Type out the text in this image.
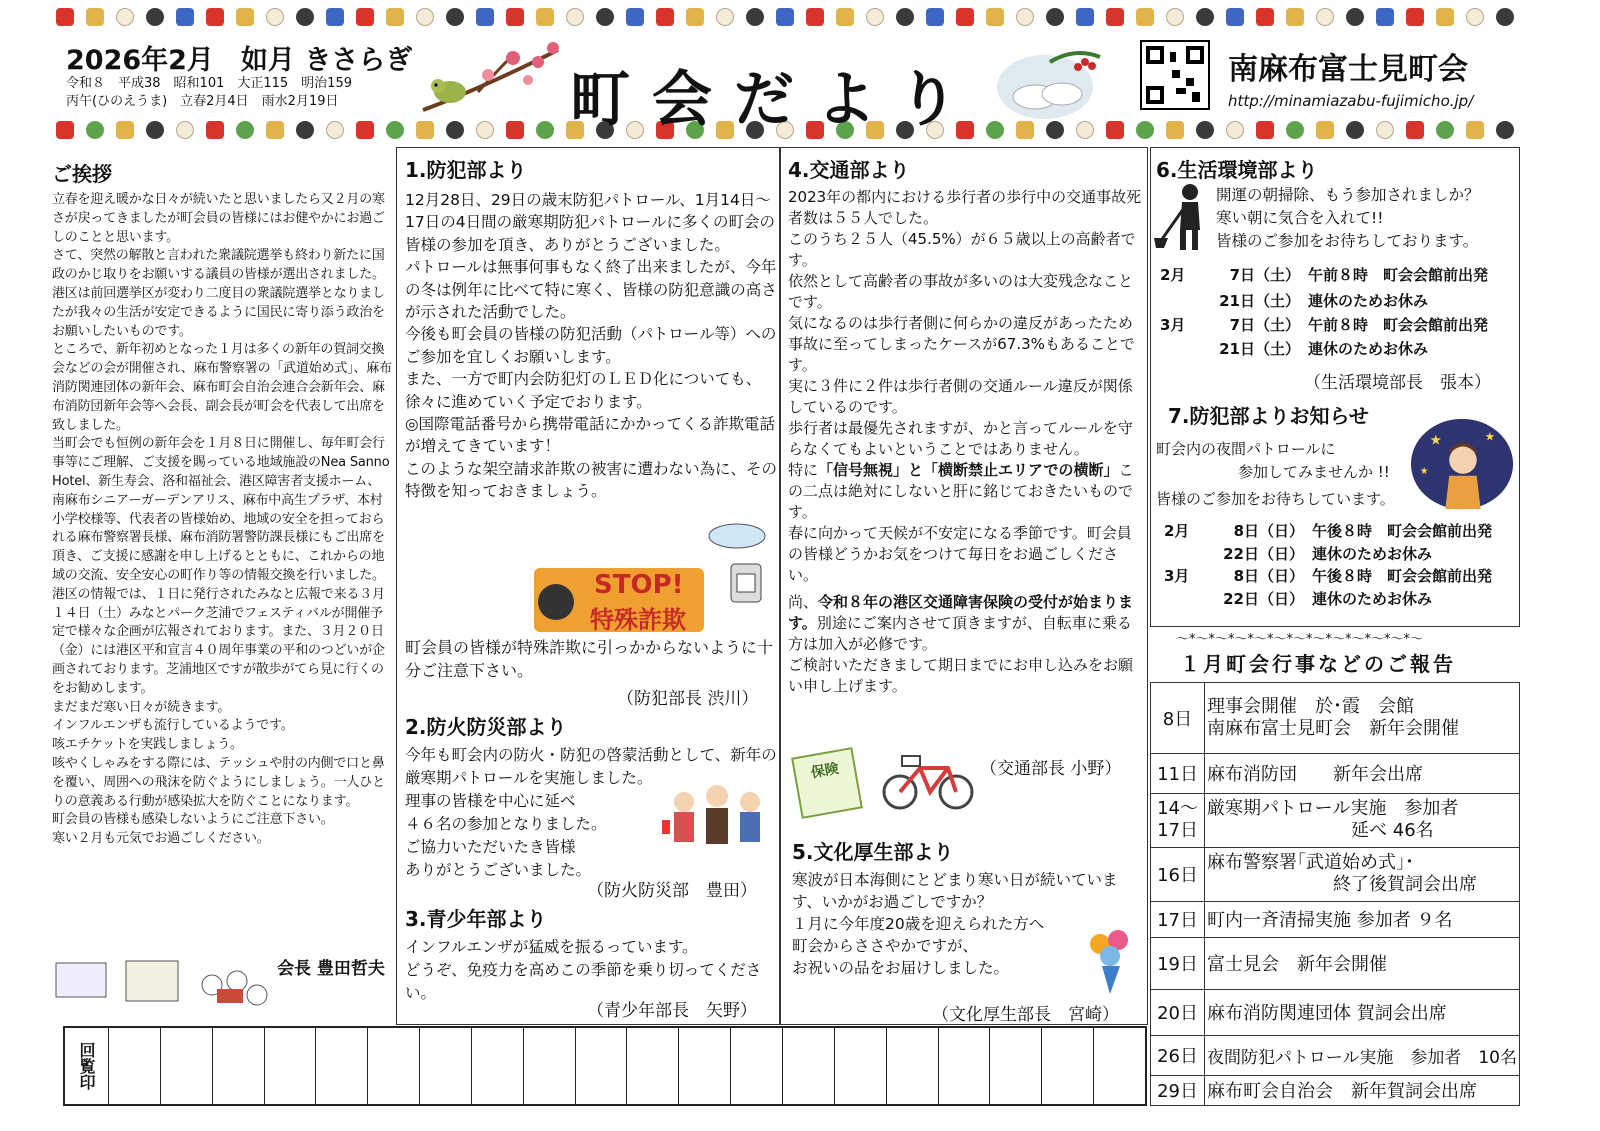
2026年2月　如月 きさらぎ
令和８　平成38　昭和101　大正115　明治159
丙午(ひのえうま)　立春2月4日　雨水2月19日	町会だより	南麻布富士見町会
http://minamiazabu-fujimicho.jp/
ご挨拶
立春を迎え暖かな日々が続いたと思いましたら又２月の寒さが戻ってきましたが町会員の皆様にはお健やかにお過ごしのことと思います。
さて、突然の解散と言われた衆議院選挙も終わり新たに国政のかじ取りをお願いする議員の皆様が選出されました。
港区は前回選挙区が変わり二度目の衆議院選挙となりましたが我々の生活が安定できるように国民に寄り添う政治をお願いしたいものです。
ところで、新年初めとなった１月は多くの新年の賀詞交換会などの会が開催され、麻布警察署の「武道始め式」、麻布消防関連団体の新年会、麻布町会自治会連合会新年会、麻布消防団新年会等へ会長、副会長が町会を代表して出席を致しました。
当町会でも恒例の新年会を１月８日に開催し、毎年町会行事等にご理解、ご支援を賜っている地域施設のNea Sanno Hotel、新生寿会、洛和福祉会、港区障害者支援ホーム、南麻布シニアーガーデンアリス、麻布中高生プラザ、本村小学校様等、代表者の皆様始め、地域の安全を担っておられる麻布警察署長様、麻布消防署警防課長様にもご出席を頂き、ご支援に感謝を申し上げるとともに、これからの地域の交流、安全安心の町作り等の情報交換を行いました。
港区の情報では、１日に発行されたみなと広報で来る３月１４日（土）みなとパーク芝浦でフェスティバルが開催予定で様々な企画が広報されております。また、３月２０日（金）には港区平和宣言４０周年事業の平和のつどいが企画されております。芝浦地区ですが散歩がてら見に行くのをお勧めします。
まだまだ寒い日々が続きます。
インフルエンザも流行しているようです。
咳エチケットを実践しましょう。
咳やくしゃみをする際には、テッシュや肘の内側で口と鼻を覆い、周囲への飛沫を防ぐようにしましょう。一人ひとりの意義ある行動が感染拡大を防ぐことになります。
町会員の皆様も感染しないようにご注意下さい。
寒い２月も元気でお過ごしください。
会長 豊田哲夫
1.防犯部より
12月28日、29日の歳末防犯パトロール、1月14日～17日の4日間の厳寒期防犯パトロールに多くの町会の皆様の参加を頂き、ありがとうございました。
パトロールは無事何事もなく終了出来ましたが、今年の冬は例年に比べて特に寒く、皆様の防犯意識の高さが示された活動でした。
今後も町会員の皆様の防犯活動（パトロール等）へのご参加を宜しくお願いします。
また、一方で町内会防犯灯のＬＥＤ化についても、徐々に進めていく予定でおります。
◎国際電話番号から携帯電話にかかってくる詐欺電話が増えてきています！
このような架空請求詐欺の被害に遭わない為に、その特徴を知っておきましょう。
STOP!
特殊詐欺
町会員の皆様が特殊詐欺に引っかからないように十分ご注意下さい。
（防犯部長 渋川）
2.防火防災部より
今年も町会内の防火・防犯の啓蒙活動として、新年の厳寒期パトロールを実施しました。
理事の皆様を中心に延べ
４６名の参加となりました。
ご協力いただいたき皆様
ありがとうございました。
（防火防災部　豊田）
3.青少年部より
インフルエンザが猛威を振るっています。
どうぞ、免疫力を高めこの季節を乗り切ってください。
（青少年部長　矢野）
4.交通部より
2023年の都内における歩行者の歩行中の交通事故死者数は５５人でした。
このうち２５人（45.5%）が６５歳以上の高齢者です。
依然として高齢者の事故が多いのは大変残念なことです。
気になるのは歩行者側に何らかの違反があったため事故に至ってしまったケースが67.3%もあることです。
実に３件に２件は歩行者側の交通ルール違反が関係しているのです。
歩行者は最優先されますが、かと言ってルールを守らなくてもよいということではありません。
特に「信号無視」と「横断禁止エリアでの横断」この二点は絶対にしないと肝に銘じておきたいものです。
春に向かって天候が不安定になる季節です。町会員の皆様どうかお気をつけて毎日をお過ごしください。
尚、令和８年の港区交通障害保険の受付が始まります。別途にご案内させて頂きますが、自転車に乗る方は加入が必修です。
ご検討いただきまして期日までにお申し込みをお願い申し上げます。
保険	（交通部長 小野）
5.文化厚生部より
寒波が日本海側にとどまり寒い日が続いています、いかがお過ごしですか？
１月に今年度20歳を迎えられた方へ
町会からささやかですが、
お祝いの品をお届けしました。
（文化厚生部長　宮崎）
6.生活環境部より
開運の朝掃除、もう参加されましか？
寒い朝に気合を入れて!!
皆様のご参加をお待ちしております。
2月	7日（土） 午前８時　町会会館前出発
21日（土） 連休のためお休み
3月	7日（土） 午前８時　町会会館前出発
21日（土） 連休のためお休み
（生活環境部長　張本）
7.防犯部よりお知らせ
★	★
★
町会内の夜間パトロールに
参加してみませんか !!
皆様のご参加をお待ちしています。
2月	8日（日） 午後８時　町会会館前出発
22日（日） 連休のためお休み
3月	8日（日） 午後８時　町会会館前出発
22日（日） 連休のためお休み
～*～*～*～*～*～*～*～*～*～*～*～*～
１月町会行事などのご報告
8日	理事会開催　於･霞　会館
南麻布富士見町会　新年会開催
11日	麻布消防団　　新年会出席
14～
17日	厳寒期パトロール実施　参加者
　　　　　　　　延べ 46名
16日	麻布警察署｢武道始め式｣･
　　　　　　　終了後賀詞会出席
17日	町内一斉清掃実施 参加者 ９名
19日	富士見会　新年会開催
20日	麻布消防関連団体 賀詞会出席
26日	夜間防犯パトロール実施　参加者　10名
29日	麻布町会自治会　新年賀詞会出席
回覧印
